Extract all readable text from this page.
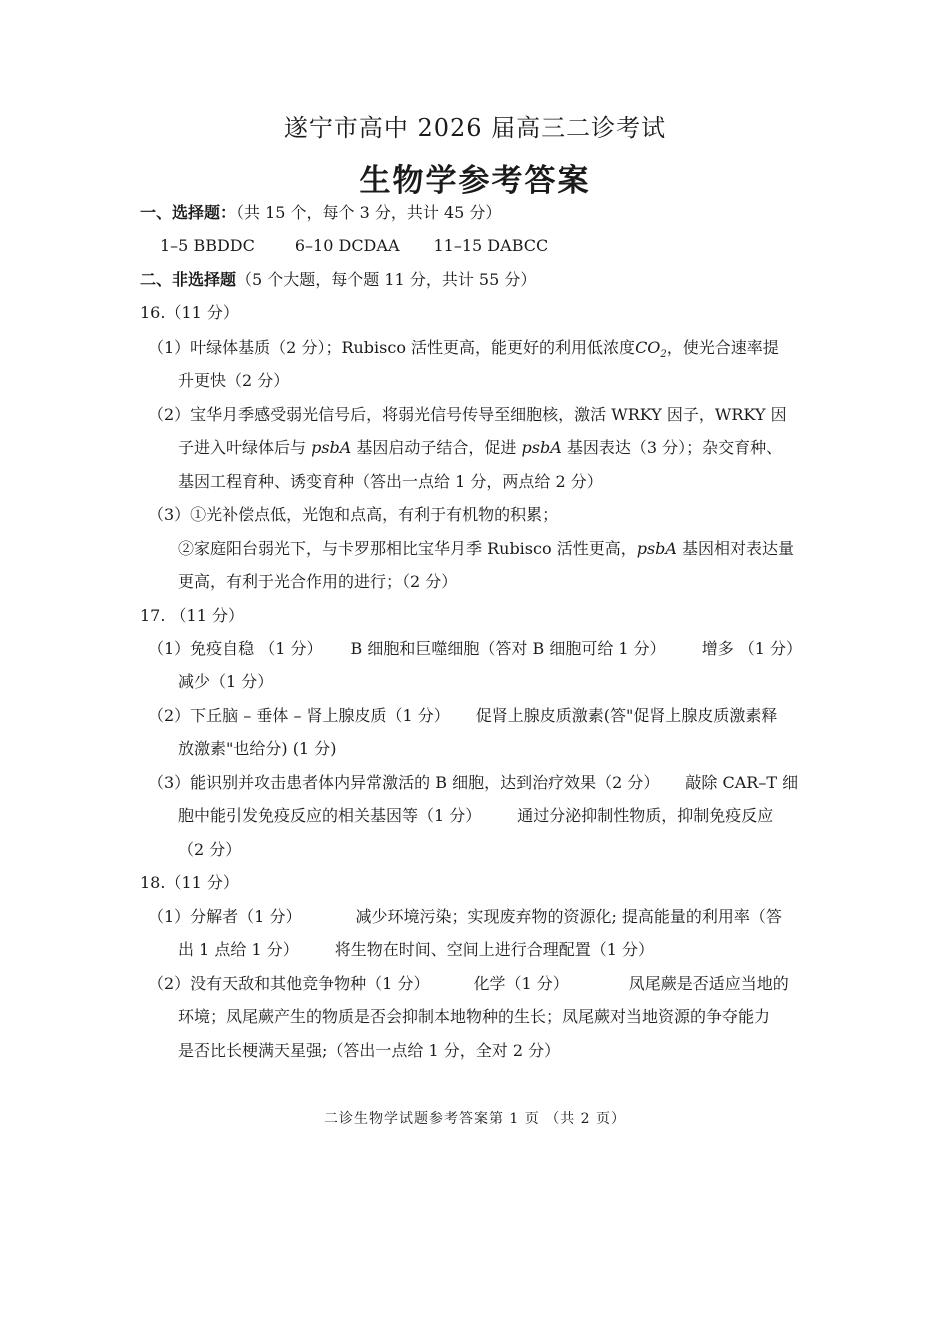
遂宁市高中 2026 届高三二诊考试
生物学参考答案
一、选择题：（共 15 个，每个 3 分，共计 45 分）
1–5 BBDDC	6–10 DCDAA 11–15 DABCC
二、非选择题（5 个大题，每个题 11 分，共计 55 分）
16.（11 分）
（1）叶绿体基质（2 分）；Rubisco 活性更高，能更好的利用低浓度$CO_2$，使光合速率提
升更快（2 分）
（2）宝华月季感受弱光信号后，将弱光信号传导至细胞核，激活 WRKY 因子，WRKY 因
子进入叶绿体后与 psbA 基因启动子结合，促进 psbA 基因表达（3 分）；杂交育种、
基因工程育种、诱变育种（答出一点给 1 分，两点给 2 分）
（3）①光补偿点低，光饱和点高，有利于有机物的积累；
②家庭阳台弱光下，与卡罗那相比宝华月季 Rubisco 活性更高，psbA 基因相对表达量
更高，有利于光合作用的进行；（2 分）
17. （11 分）
（1）免疫自稳 （1 分） B 细胞和巨噬细胞（答对 B 细胞可给 1 分） 增多 （1 分）
减少（1 分）
（2）下丘脑 – 垂体 – 肾上腺皮质（1 分） 促肾上腺皮质激素(答"促肾上腺皮质激素释
放激素"也给分) (1 分)
（3）能识别并攻击患者体内异常激活的 B 细胞，达到治疗效果（2 分） 敲除 CAR–T 细
胞中能引发免疫反应的相关基因等（1 分） 通过分泌抑制性物质，抑制免疫反应
（2 分）
18.（11 分）
（1）分解者（1 分）	减少环境污染；实现废弃物的资源化; 提高能量的利用率（答
出 1 点给 1 分） 将生物在时间、空间上进行合理配置（1 分）
（2）没有天敌和其他竞争物种（1 分）	化学（1 分）	凤尾蕨是否适应当地的
环境；凤尾蕨产生的物质是否会抑制本地物种的生长；凤尾蕨对当地资源的争夺能力
是否比长梗满天星强;（答出一点给 1 分，全对 2 分）
二诊生物学试题参考答案第 1 页 （共 2 页）
